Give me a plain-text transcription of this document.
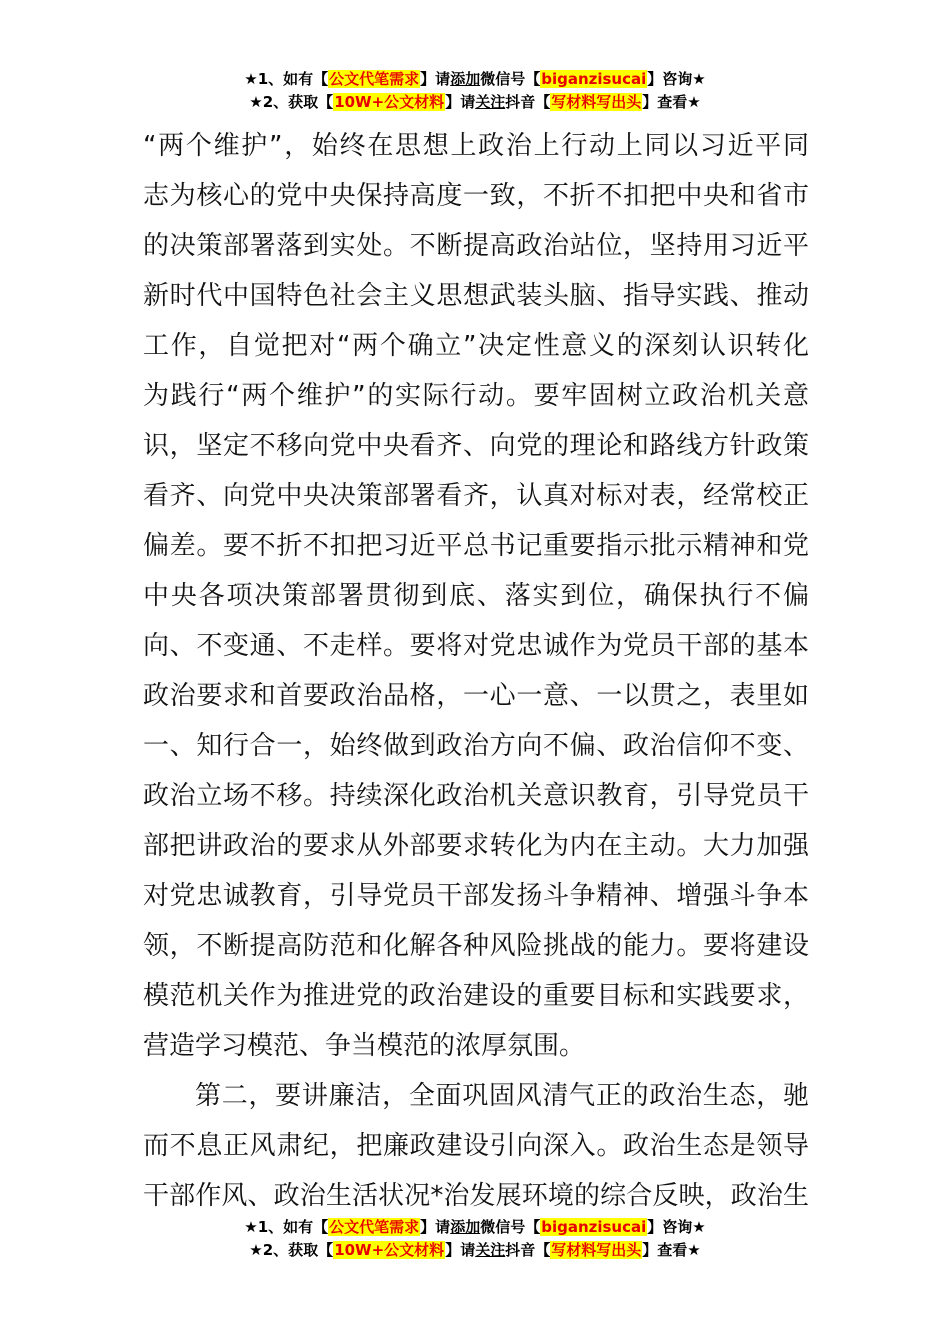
★1、如有【公文代笔需求】请添加微信号【biganzisucai】咨询★
★2、获取【10W+公文材料】请关注抖音【写材料写出头】查看★
“两个维护”，始终在思想上政治上行动上同以习近平同
志为核心的党中央保持高度一致，不折不扣把中央和省市
的决策部署落到实处。不断提高政治站位，坚持用习近平
新时代中国特色社会主义思想武装头脑、指导实践、推动
工作，自觉把对“两个确立”决定性意义的深刻认识转化
为践行“两个维护”的实际行动。要牢固树立政治机关意
识，坚定不移向党中央看齐、向党的理论和路线方针政策
看齐、向党中央决策部署看齐，认真对标对表，经常校正
偏差。要不折不扣把习近平总书记重要指示批示精神和党
中央各项决策部署贯彻到底、落实到位，确保执行不偏
向、不变通、不走样。要将对党忠诚作为党员干部的基本
政治要求和首要政治品格，一心一意、一以贯之，表里如
一、知行合一，始终做到政治方向不偏、政治信仰不变、
政治立场不移。持续深化政治机关意识教育，引导党员干
部把讲政治的要求从外部要求转化为内在主动。大力加强
对党忠诚教育，引导党员干部发扬斗争精神、增强斗争本
领，不断提高防范和化解各种风险挑战的能力。要将建设
模范机关作为推进党的政治建设的重要目标和实践要求，
营造学习模范、争当模范的浓厚氛围。
第二，要讲廉洁，全面巩固风清气正的政治生态，驰
而不息正风肃纪，把廉政建设引向深入。政治生态是领导
干部作风、政治生活状况*治发展环境的综合反映，政治生
★1、如有【公文代笔需求】请添加微信号【biganzisucai】咨询★
★2、获取【10W+公文材料】请关注抖音【写材料写出头】查看★
